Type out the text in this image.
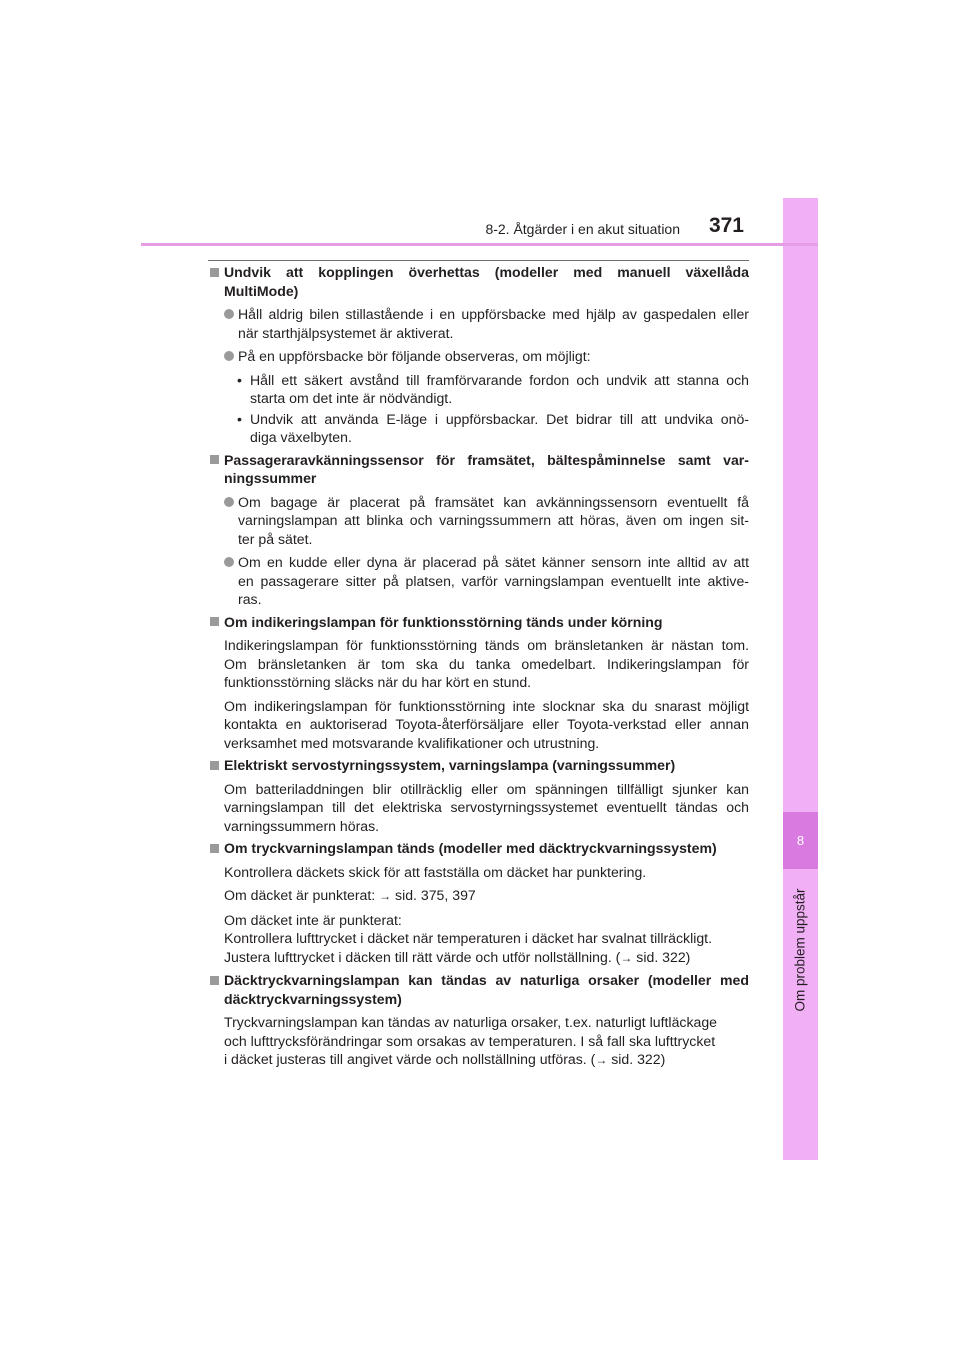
8
Om problem uppstår
8-2. Åtgärder i en akut situation 371
Undvik att kopplingen överhettas (modeller med manuell växellåda
MultiMode)
Håll aldrig bilen stillastående i en uppförsbacke med hjälp av gaspedalen eller
när starthjälpsystemet är aktiverat.
På en uppförsbacke bör följande observeras, om möjligt:
• Håll ett säkert avstånd till framförvarande fordon och undvik att stanna och
starta om det inte är nödvändigt.
• Undvik att använda E-läge i uppförsbackar. Det bidrar till att undvika onö-
diga växelbyten.
Passageraravkänningssensor för framsätet, bältespåminnelse samt var-
ningssummer
Om bagage är placerat på framsätet kan avkänningssensorn eventuellt få
varningslampan att blinka och varningssummern att höras, även om ingen sit-
ter på sätet.
Om en kudde eller dyna är placerad på sätet känner sensorn inte alltid av att
en passagerare sitter på platsen, varför varningslampan eventuellt inte aktive-
ras.
Om indikeringslampan för funktionsstörning tänds under körning
Indikeringslampan för funktionsstörning tänds om bränsletanken är nästan tom.
Om bränsletanken är tom ska du tanka omedelbart. Indikeringslampan för
funktionsstörning släcks när du har kört en stund.
Om indikeringslampan för funktionsstörning inte slocknar ska du snarast möjligt
kontakta en auktoriserad Toyota-återförsäljare eller Toyota-verkstad eller annan
verksamhet med motsvarande kvalifikationer och utrustning.
Elektriskt servostyrningssystem, varningslampa (varningssummer)
Om batteriladdningen blir otillräcklig eller om spänningen tillfälligt sjunker kan
varningslampan till det elektriska servostyrningssystemet eventuellt tändas och
varningssummern höras.
Om tryckvarningslampan tänds (modeller med däcktryckvarningssystem)
Kontrollera däckets skick för att fastställa om däcket har punktering.
Om däcket är punkterat: → sid. 375, 397
Om däcket inte är punkterat:
Kontrollera lufttrycket i däcket när temperaturen i däcket har svalnat tillräckligt.
Justera lufttrycket i däcken till rätt värde och utför nollställning. (→ sid. 322)
Däcktryckvarningslampan kan tändas av naturliga orsaker (modeller med
däcktryckvarningssystem)
Tryckvarningslampan kan tändas av naturliga orsaker, t.ex. naturligt luftläckage
och lufttrycksförändringar som orsakas av temperaturen. I så fall ska lufttrycket
i däcket justeras till angivet värde och nollställning utföras. (→ sid. 322)
